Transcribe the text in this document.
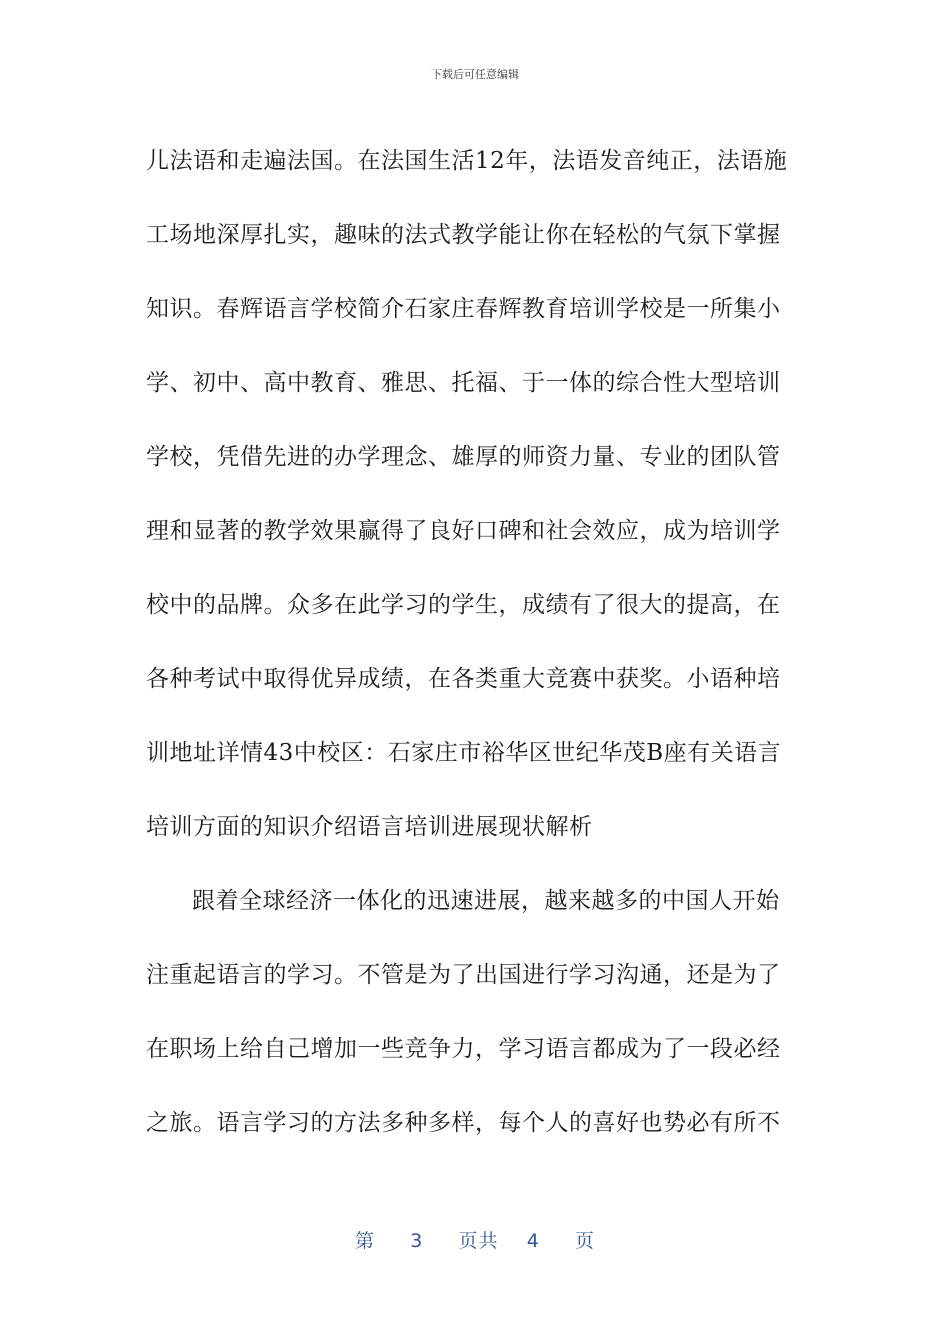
下载后可任意编辑
儿法语和走遍法国。在法国生活12年，法语发音纯正，法语施
工场地深厚扎实，趣味的法式教学能让你在轻松的气氛下掌握
知识。春辉语言学校简介石家庄春辉教育培训学校是一所集小
学、初中、高中教育、雅思、托福、于一体的综合性大型培训
学校，凭借先进的办学理念、雄厚的师资力量、专业的团队管
理和显著的教学效果赢得了良好口碑和社会效应，成为培训学
校中的品牌。众多在此学习的学生，成绩有了很大的提高，在
各种考试中取得优异成绩，在各类重大竞赛中获奖。小语种培
训地址详情43中校区：石家庄市裕华区世纪华茂B座有关语言
培训方面的知识介绍语言培训进展现状解析
跟着全球经济一体化的迅速进展，越来越多的中国人开始
注重起语言的学习。不管是为了出国进行学习沟通，还是为了
在职场上给自己增加一些竞争力，学习语言都成为了一段必经
之旅。语言学习的方法多种多样，每个人的喜好也势必有所不
第 3 页共 4 页
